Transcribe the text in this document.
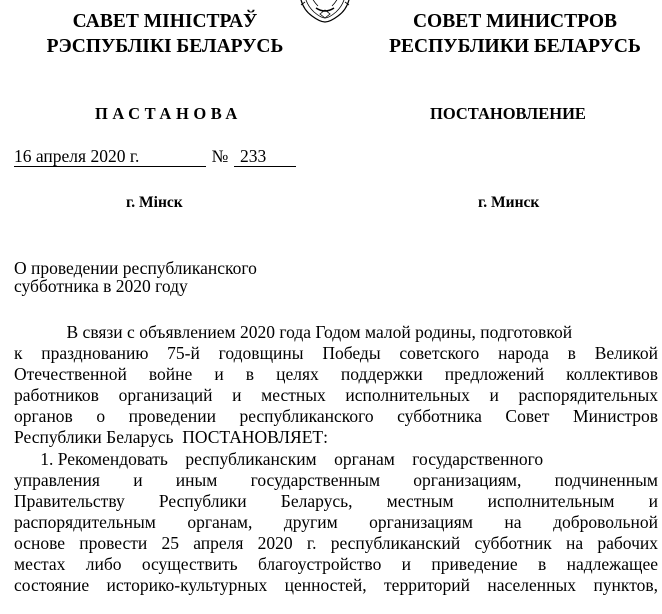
САВЕТ МІНІСТРАЎ
РЭСПУБЛІКІ БЕЛАРУСЬ
СОВЕТ МИНИСТРОВ
РЕСПУБЛИКИ БЕЛАРУСЬ
ПАСТАНОВА	ПОСТАНОВЛЕНИЕ
16 апреля 2020 г.	№ 233
г. Мінск	г. Минск
О проведении республиканского
субботника в 2020 году

В связи с объявлением 2020 года Годом малой родины, подготовкой

к празднованию 75-й годовщины Победы советского народа в Великой

Отечественной войне и в целях поддержки предложений коллективов

работников организаций и местных исполнительных и распорядительных

органов о проведении республиканского субботника Совет Министров

Республики Беларусь  ПОСТАНОВЛЯЕТ:

1. Рекомендовать    республиканским    органам    государственного

управления и иным государственным организациям, подчиненным

Правительству Республики Беларусь, местным исполнительным и

распорядительным органам, другим организациям на добровольной

основе провести 25 апреля 2020 г. республиканский субботник на рабочих

местах либо осуществить благоустройство и приведение в надлежащее

состояние историко-культурных ценностей, территорий населенных пунктов,
